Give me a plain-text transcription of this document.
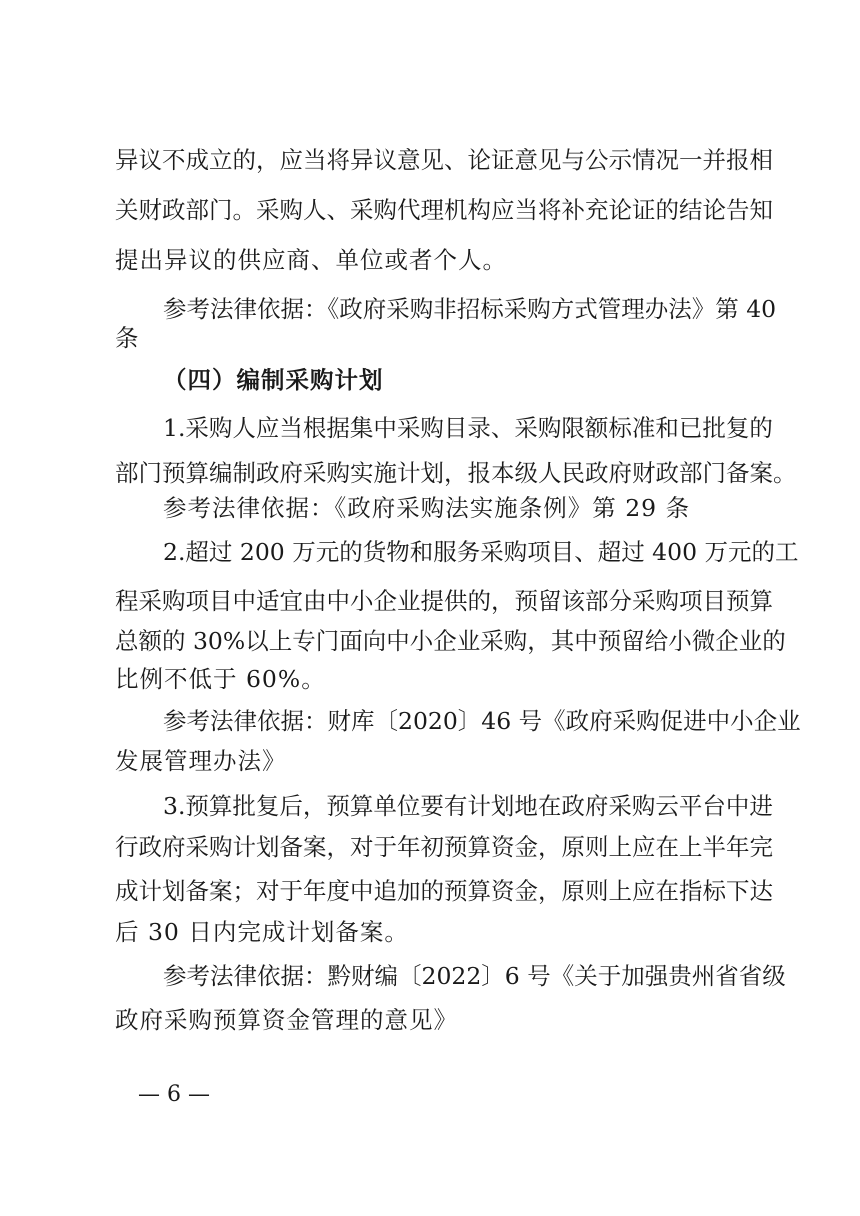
异议不成立的，应当将异议意见、论证意见与公示情况一并报相
关财政部门。采购人、采购代理机构应当将补充论证的结论告知
提出异议的供应商、单位或者个人。
参考法律依据：《政府采购非招标采购方式管理办法》第 40
条
（四）编制采购计划
1.采购人应当根据集中采购目录、采购限额标准和已批复的
部门预算编制政府采购实施计划，报本级人民政府财政部门备案。
参考法律依据：《政府采购法实施条例》第 29 条
2.超过 200 万元的货物和服务采购项目、超过 400 万元的工
程采购项目中适宜由中小企业提供的，预留该部分采购项目预算
总额的 30%以上专门面向中小企业采购，其中预留给小微企业的
比例不低于 60%。
参考法律依据：财库〔2020〕46 号《政府采购促进中小企业
发展管理办法》
3.预算批复后，预算单位要有计划地在政府采购云平台中进
行政府采购计划备案，对于年初预算资金，原则上应在上半年完
成计划备案；对于年度中追加的预算资金，原则上应在指标下达
后 30 日内完成计划备案。
参考法律依据：黔财编〔2022〕6 号《关于加强贵州省省级
政府采购预算资金管理的意见》
— 6 —
